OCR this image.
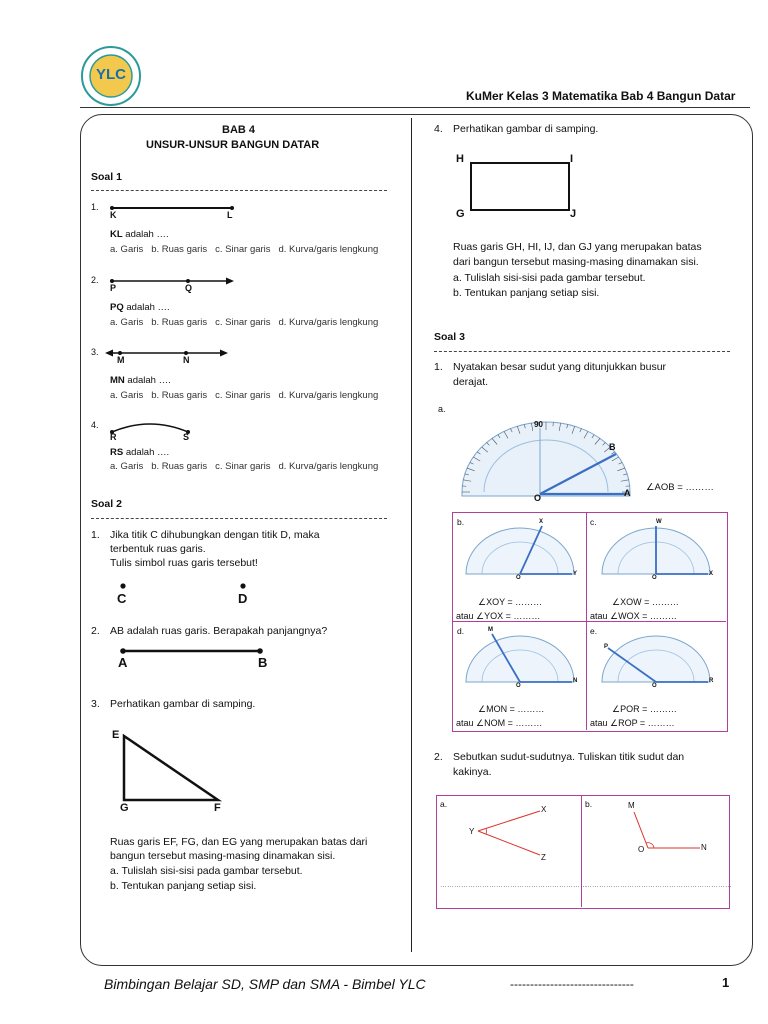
YLC
KuMer Kelas 3 Matematika Bab 4 Bangun Datar
BAB 4
UNSUR-UNSUR BANGUN DATAR
Soal 1
1.
K	L
KL adalah ….
a. Garis b. Ruas garis c. Sinar garis d. Kurva/garis lengkung
2.
P	Q
PQ adalah ….
a. Garis b. Ruas garis c. Sinar garis d. Kurva/garis lengkung
3.
M	N
MN adalah ….
a. Garis b. Ruas garis c. Sinar garis d. Kurva/garis lengkung
4.
R	S
RS adalah ….
a. Garis b. Ruas garis c. Sinar garis d. Kurva/garis lengkung
Soal 2
1. Jika titik C dihubungkan dengan titik D, maka
terbentuk ruas garis.
Tulis simbol ruas garis tersebut!
C	D
2. AB adalah ruas garis. Berapakah panjangnya?
A	B
3. Perhatikan gambar di samping.
E
G	F
Ruas garis EF, FG, dan EG yang merupakan batas dari
bangun tersebut masing-masing dinamakan sisi.
a. Tulislah sisi-sisi pada gambar tersebut.
b. Tentukan panjang setiap sisi.
4. Perhatikan gambar di samping.
H	I
G	J
Ruas garis GH, HI, IJ, dan GJ yang merupakan batas
dari bangun tersebut masing-masing dinamakan sisi.
a. Tulislah sisi-sisi pada gambar tersebut.
b. Tentukan panjang setiap sisi.
Soal 3
1. Nyatakan besar sudut yang ditunjukkan busur
derajat.
a.
90
O	A
B
∠AOB = ………
b.	X
O
Y
∠XOY = ………
atau ∠YOX = ………
c.	W
O
X
∠XOW = ………
atau ∠WOX = ………
d.	M
O
N
∠MON = ………
atau ∠NOM = ………
e.
P
O
R
∠POR = ………
atau ∠ROP = ………
2. Sebutkan sudut-sudutnya. Tuliskan titik sudut dan
kakinya.
a.
X
Y
Z
………………………………………………………
b.	M
O	N
………………………………………………………
Bimbingan Belajar SD, SMP dan SMA - Bimbel YLC	-------------------------------	1
